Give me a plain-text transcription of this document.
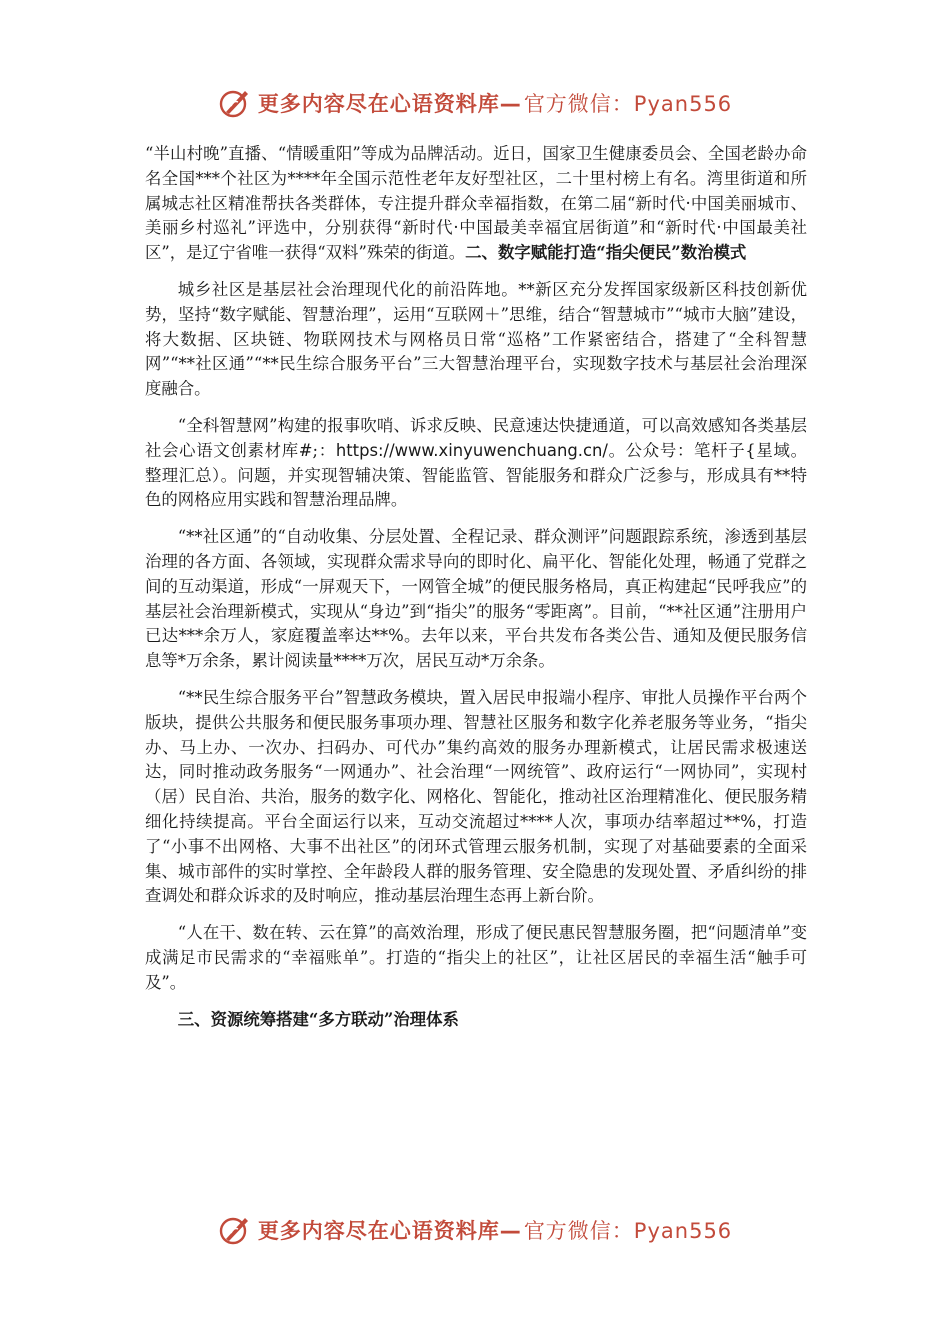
更多内容尽在心语资料库— 官方微信：Pyan556

“半山村晚”直播、“情暖重阳”等成为品牌活动。近日，国家卫生健康委员会、全国老龄办命名全国***个社区为****年全国示范性老年友好型社区，二十里村榜上有名。湾里街道和所属城志社区精准帮扶各类群体，专注提升群众幸福指数，在第二届“新时代·中国美丽城市、美丽乡村巡礼”评选中，分别获得“新时代·中国最美幸福宜居街道”和“新时代·中国最美社区”，是辽宁省唯一获得“双料”殊荣的街道。二、数字赋能打造“指尖便民”数治模式

城乡社区是基层社会治理现代化的前沿阵地。**新区充分发挥国家级新区科技创新优势，坚持“数字赋能、智慧治理”，运用“互联网＋”思维，结合“智慧城市”“城市大脑”建设，将大数据、区块链、物联网技术与网格员日常“巡格”工作紧密结合，搭建了“全科智慧网”“**社区通”“**民生综合服务平台”三大智慧治理平台，实现数字技术与基层社会治理深度融合。

“全科智慧网”构建的报事吹哨、诉求反映、民意速达快捷通道，可以高效感知各类基层社会心语文创素材库#;：https://www.xinyuwenchuang.cn/。公众号：笔杆子{星域。整理汇总）。问题，并实现智辅决策、智能监管、智能服务和群众广泛参与，形成具有**特色的网格应用实践和智慧治理品牌。

“**社区通”的“自动收集、分层处置、全程记录、群众测评”问题跟踪系统，渗透到基层治理的各方面、各领域，实现群众需求导向的即时化、扁平化、智能化处理，畅通了党群之间的互动渠道，形成“一屏观天下，一网管全城”的便民服务格局，真正构建起“民呼我应”的基层社会治理新模式，实现从“身边”到“指尖”的服务“零距离”。目前，“**社区通”注册用户已达***余万人，家庭覆盖率达**%。去年以来，平台共发布各类公告、通知及便民服务信息等*万余条，累计阅读量****万次，居民互动*万余条。

“**民生综合服务平台”智慧政务模块，置入居民申报端小程序、审批人员操作平台两个版块，提供公共服务和便民服务事项办理、智慧社区服务和数字化养老服务等业务，“指尖办、马上办、一次办、扫码办、可代办”集约高效的服务办理新模式，让居民需求极速送达，同时推动政务服务“一网通办”、社会治理“一网统管”、政府运行“一网协同”，实现村（居）民自治、共治，服务的数字化、网格化、智能化，推动社区治理精准化、便民服务精细化持续提高。平台全面运行以来，互动交流超过****人次，事项办结率超过**%，打造了“小事不出网格、大事不出社区”的闭环式管理云服务机制，实现了对基础要素的全面采集、城市部件的实时掌控、全年龄段人群的服务管理、安全隐患的发现处置、矛盾纠纷的排查调处和群众诉求的及时响应，推动基层治理生态再上新台阶。

“人在干、数在转、云在算”的高效治理，形成了便民惠民智慧服务圈，把“问题清单”变成满足市民需求的“幸福账单”。打造的“指尖上的社区”，让社区居民的幸福生活“触手可及”。

三、资源统筹搭建“多方联动”治理体系

更多内容尽在心语资料库— 官方微信：Pyan556
